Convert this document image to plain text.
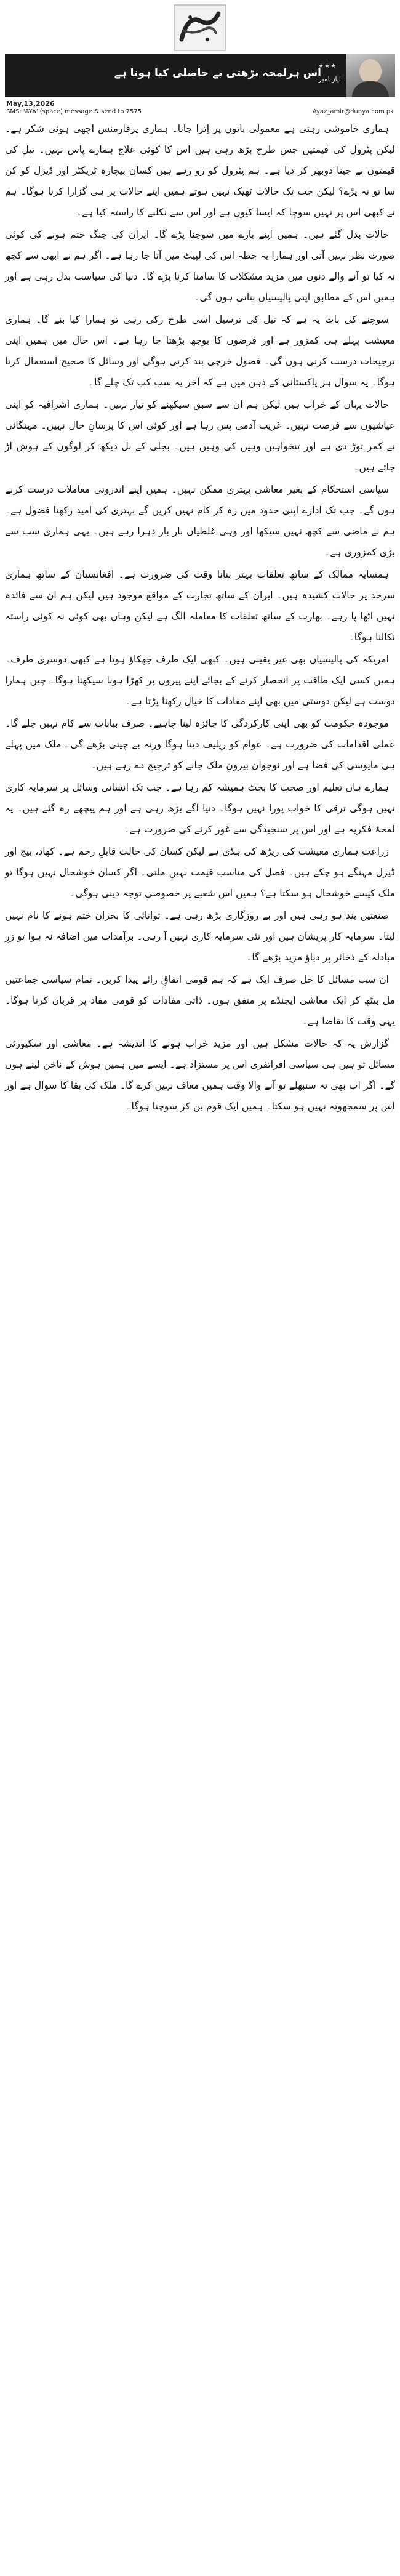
اس ہرلمحہ بڑھتی بے حاصلی کیا ہونا ہے
★★★
ایاز امیر
May,13,2026
SMS: 'AYA' (space) message & send to 7575	Ayaz_amir@dunya.com.pk

ہماری خاموشی رہتی ہے معمولی باتوں پر اِترا جانا۔ ہماری پرفارمنس اچھی ہوئی شکر ہے۔ لیکن پٹرول کی قیمتیں جس طرح بڑھ رہی ہیں اس کا کوئی علاج ہمارے پاس نہیں۔ تیل کی قیمتوں نے جینا دوبھر کر دیا ہے۔ ہم پٹرول کو رو رہے ہیں کسان بیچارہ ٹریکٹر اور ڈیزل کو کن سا تو نہ پڑے؟ لیکن جب تک حالات ٹھیک نہیں ہوتے ہمیں اپنے حالات پر ہی گزارا کرنا ہوگا۔ ہم نے کبھی اس پر نہیں سوچا کہ ایسا کیوں ہے اور اس سے نکلنے کا راستہ کیا ہے۔

حالات بدل گئے ہیں۔ ہمیں اپنے بارے میں سوچنا پڑے گا۔ ایران کی جنگ ختم ہونے کی کوئی صورت نظر نہیں آتی اور ہمارا یہ خطہ اس کی لپیٹ میں آتا جا رہا ہے۔ اگر ہم نے ابھی سے کچھ نہ کیا تو آنے والے دنوں میں مزید مشکلات کا سامنا کرنا پڑے گا۔ دنیا کی سیاست بدل رہی ہے اور ہمیں اس کے مطابق اپنی پالیسیاں بنانی ہوں گی۔

سوچنے کی بات یہ ہے کہ تیل کی ترسیل اسی طرح رکی رہی تو ہمارا کیا بنے گا۔ ہماری معیشت پہلے ہی کمزور ہے اور قرضوں کا بوجھ بڑھتا جا رہا ہے۔ اس حال میں ہمیں اپنی ترجیحات درست کرنی ہوں گی۔ فضول خرچی بند کرنی ہوگی اور وسائل کا صحیح استعمال کرنا ہوگا۔ یہ سوال ہر پاکستانی کے ذہن میں ہے کہ آخر یہ سب کب تک چلے گا۔

حالات یہاں کے خراب ہیں لیکن ہم ان سے سبق سیکھنے کو تیار نہیں۔ ہماری اشرافیہ کو اپنی عیاشیوں سے فرصت نہیں۔ غریب آدمی پس رہا ہے اور کوئی اس کا پرسانِ حال نہیں۔ مہنگائی نے کمر توڑ دی ہے اور تنخواہیں وہیں کی وہیں ہیں۔ بجلی کے بل دیکھ کر لوگوں کے ہوش اڑ جاتے ہیں۔

سیاسی استحکام کے بغیر معاشی بہتری ممکن نہیں۔ ہمیں اپنے اندرونی معاملات درست کرنے ہوں گے۔ جب تک ادارے اپنی حدود میں رہ کر کام نہیں کریں گے بہتری کی امید رکھنا فضول ہے۔ ہم نے ماضی سے کچھ نہیں سیکھا اور وہی غلطیاں بار بار دہرا رہے ہیں۔ یہی ہماری سب سے بڑی کمزوری ہے۔

ہمسایہ ممالک کے ساتھ تعلقات بہتر بنانا وقت کی ضرورت ہے۔ افغانستان کے ساتھ ہماری سرحد پر حالات کشیدہ ہیں۔ ایران کے ساتھ تجارت کے مواقع موجود ہیں لیکن ہم ان سے فائدہ نہیں اٹھا پا رہے۔ بھارت کے ساتھ تعلقات کا معاملہ الگ ہے لیکن وہاں بھی کوئی نہ کوئی راستہ نکالنا ہوگا۔

امریکہ کی پالیسیاں بھی غیر یقینی ہیں۔ کبھی ایک طرف جھکاؤ ہوتا ہے کبھی دوسری طرف۔ ہمیں کسی ایک طاقت پر انحصار کرنے کے بجائے اپنے پیروں پر کھڑا ہونا سیکھنا ہوگا۔ چین ہمارا دوست ہے لیکن دوستی میں بھی اپنے مفادات کا خیال رکھنا پڑتا ہے۔

موجودہ حکومت کو بھی اپنی کارکردگی کا جائزہ لینا چاہیے۔ صرف بیانات سے کام نہیں چلے گا۔ عملی اقدامات کی ضرورت ہے۔ عوام کو ریلیف دینا ہوگا ورنہ بے چینی بڑھے گی۔ ملک میں پہلے ہی مایوسی کی فضا ہے اور نوجوان بیرونِ ملک جانے کو ترجیح دے رہے ہیں۔

ہمارے ہاں تعلیم اور صحت کا بجٹ ہمیشہ کم رہا ہے۔ جب تک انسانی وسائل پر سرمایہ کاری نہیں ہوگی ترقی کا خواب پورا نہیں ہوگا۔ دنیا آگے بڑھ رہی ہے اور ہم پیچھے رہ گئے ہیں۔ یہ لمحۂ فکریہ ہے اور اس پر سنجیدگی سے غور کرنے کی ضرورت ہے۔

زراعت ہماری معیشت کی ریڑھ کی ہڈی ہے لیکن کسان کی حالت قابلِ رحم ہے۔ کھاد، بیج اور ڈیزل مہنگے ہو چکے ہیں۔ فصل کی مناسب قیمت نہیں ملتی۔ اگر کسان خوشحال نہیں ہوگا تو ملک کیسے خوشحال ہو سکتا ہے؟ ہمیں اس شعبے پر خصوصی توجہ دینی ہوگی۔

صنعتیں بند ہو رہی ہیں اور بے روزگاری بڑھ رہی ہے۔ توانائی کا بحران ختم ہونے کا نام نہیں لیتا۔ سرمایہ کار پریشان ہیں اور نئی سرمایہ کاری نہیں آ رہی۔ برآمدات میں اضافہ نہ ہوا تو زرِ مبادلہ کے ذخائر پر دباؤ مزید بڑھے گا۔

ان سب مسائل کا حل صرف ایک ہے کہ ہم قومی اتفاقِ رائے پیدا کریں۔ تمام سیاسی جماعتیں مل بیٹھ کر ایک معاشی ایجنڈے پر متفق ہوں۔ ذاتی مفادات کو قومی مفاد پر قربان کرنا ہوگا۔ یہی وقت کا تقاضا ہے۔

گزارش یہ کہ حالات مشکل ہیں اور مزید خراب ہونے کا اندیشہ ہے۔ معاشی اور سکیورٹی مسائل تو ہیں ہی سیاسی افراتفری اس پر مستزاد ہے۔ ایسے میں ہمیں ہوش کے ناخن لینے ہوں گے۔ اگر اب بھی نہ سنبھلے تو آنے والا وقت ہمیں معاف نہیں کرے گا۔ ملک کی بقا کا سوال ہے اور اس پر سمجھوتہ نہیں ہو سکتا۔ ہمیں ایک قوم بن کر سوچنا ہوگا۔
